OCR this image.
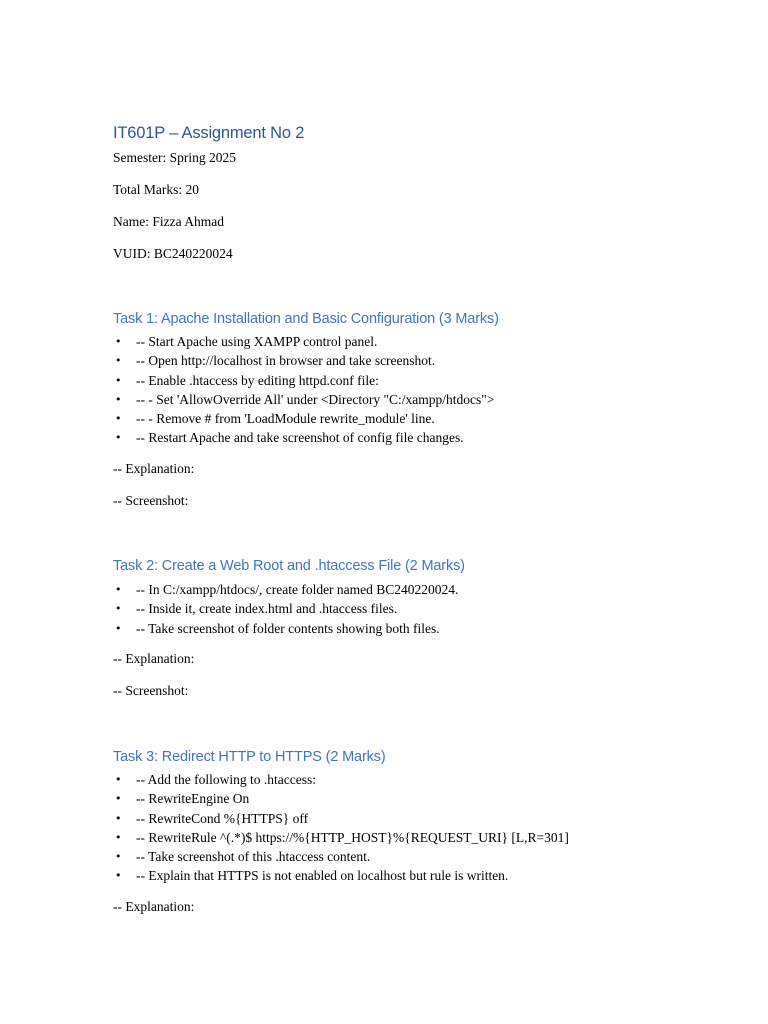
IT601P – Assignment No 2

Semester: Spring 2025

Total Marks: 20

Name: Fizza Ahmad

VUID: BC240220024

Task 1: Apache Installation and Basic Configuration (3 Marks)
• -- Start Apache using XAMPP control panel.
• -- Open http://localhost in browser and take screenshot.
• -- Enable .htaccess by editing httpd.conf file:
• -- - Set 'AllowOverride All' under <Directory "C:/xampp/htdocs">
• -- - Remove # from 'LoadModule rewrite_module' line.
• -- Restart Apache and take screenshot of config file changes.

-- Explanation:

-- Screenshot:

Task 2: Create a Web Root and .htaccess File (2 Marks)
• -- In C:/xampp/htdocs/, create folder named BC240220024.
• -- Inside it, create index.html and .htaccess files.
• -- Take screenshot of folder contents showing both files.

-- Explanation:

-- Screenshot:

Task 3: Redirect HTTP to HTTPS (2 Marks)
• -- Add the following to .htaccess:
• -- RewriteEngine On
• -- RewriteCond %{HTTPS} off
• -- RewriteRule ^(.*)$ https://%{HTTP_HOST}%{REQUEST_URI} [L,R=301]
• -- Take screenshot of this .htaccess content.
• -- Explain that HTTPS is not enabled on localhost but rule is written.

-- Explanation:
